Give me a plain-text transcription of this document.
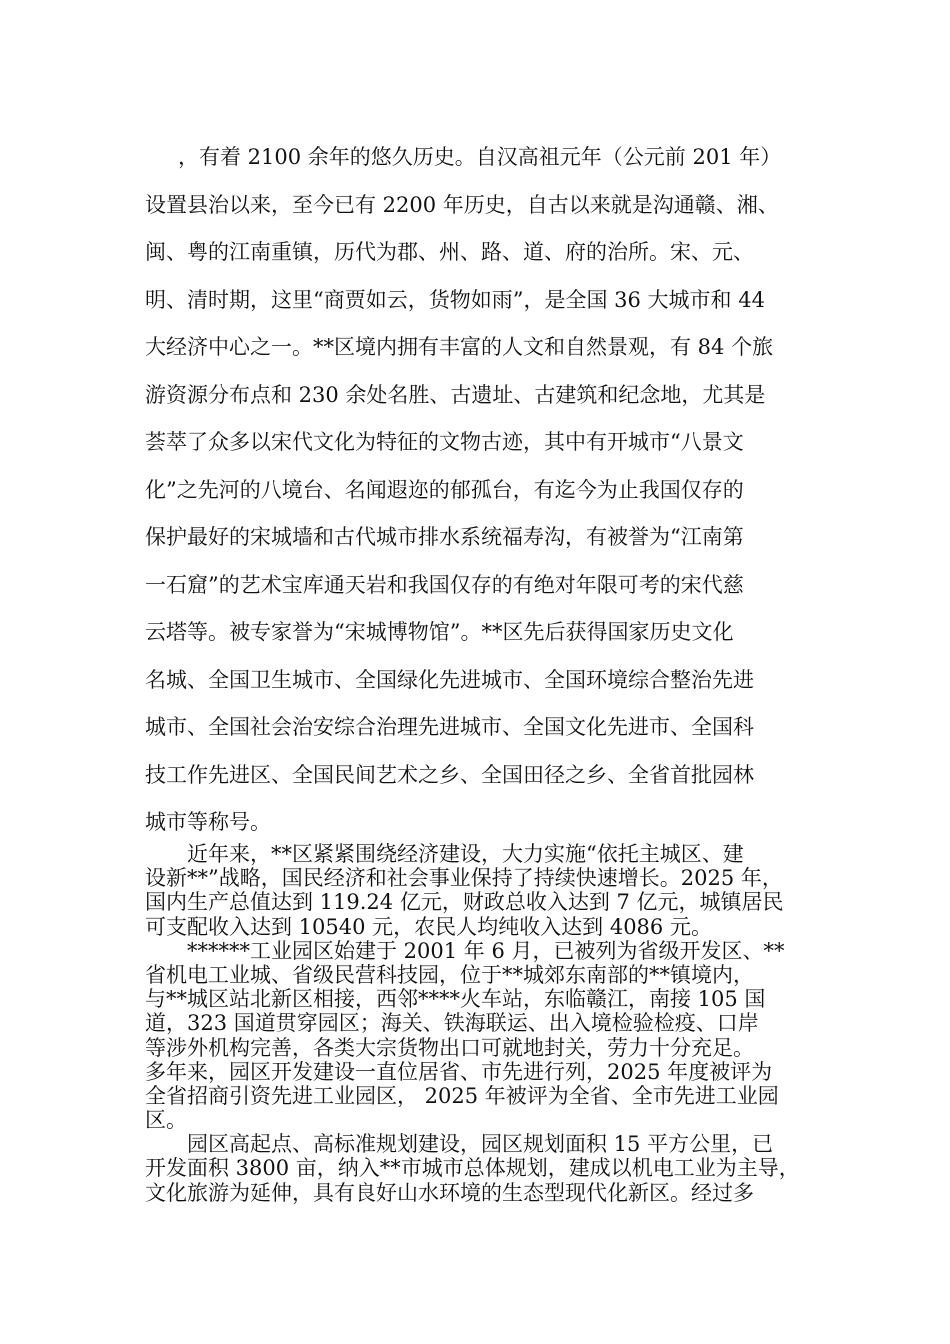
，有着 2100 余年的悠久历史。自汉高祖元年（公元前 201 年）
设置县治以来，至今已有 2200 年历史，自古以来就是沟通赣、湘、
闽、粤的江南重镇，历代为郡、州、路、道、府的治所。宋、元、
明、清时期，这里“商贾如云，货物如雨”，是全国 36 大城市和 44
大经济中心之一。**区境内拥有丰富的人文和自然景观，有 84 个旅
游资源分布点和 230 余处名胜、古遗址、古建筑和纪念地，尤其是
荟萃了众多以宋代文化为特征的文物古迹，其中有开城市“八景文
化”之先河的八境台、名闻遐迩的郁孤台，有迄今为止我国仅存的
保护最好的宋城墙和古代城市排水系统福寿沟，有被誉为“江南第
一石窟”的艺术宝库通天岩和我国仅存的有绝对年限可考的宋代慈
云塔等。被专家誉为“宋城博物馆”。**区先后获得国家历史文化
名城、全国卫生城市、全国绿化先进城市、全国环境综合整治先进
城市、全国社会治安综合治理先进城市、全国文化先进市、全国科
技工作先进区、全国民间艺术之乡、全国田径之乡、全省首批园林
城市等称号。
近年来，**区紧紧围绕经济建设，大力实施“依托主城区、建
设新**”战略，国民经济和社会事业保持了持续快速增长。2025 年，
国内生产总值达到 119.24 亿元，财政总收入达到 7 亿元，城镇居民
可支配收入达到 10540 元，农民人均纯收入达到 4086 元。
******工业园区始建于 2001 年 6 月，已被列为省级开发区、**
省机电工业城、省级民营科技园，位于**城郊东南部的**镇境内，
与**城区站北新区相接，西邻****火车站，东临赣江，南接 105 国
道，323 国道贯穿园区；海关、铁海联运、出入境检验检疫、口岸
等涉外机构完善，各类大宗货物出口可就地封关，劳力十分充足。
多年来，园区开发建设一直位居省、市先进行列，2025 年度被评为
全省招商引资先进工业园区， 2025 年被评为全省、全市先进工业园
区。
园区高起点、高标准规划建设，园区规划面积 15 平方公里，已
开发面积 3800 亩，纳入**市城市总体规划，建成以机电工业为主导，
文化旅游为延伸，具有良好山水环境的生态型现代化新区。经过多
